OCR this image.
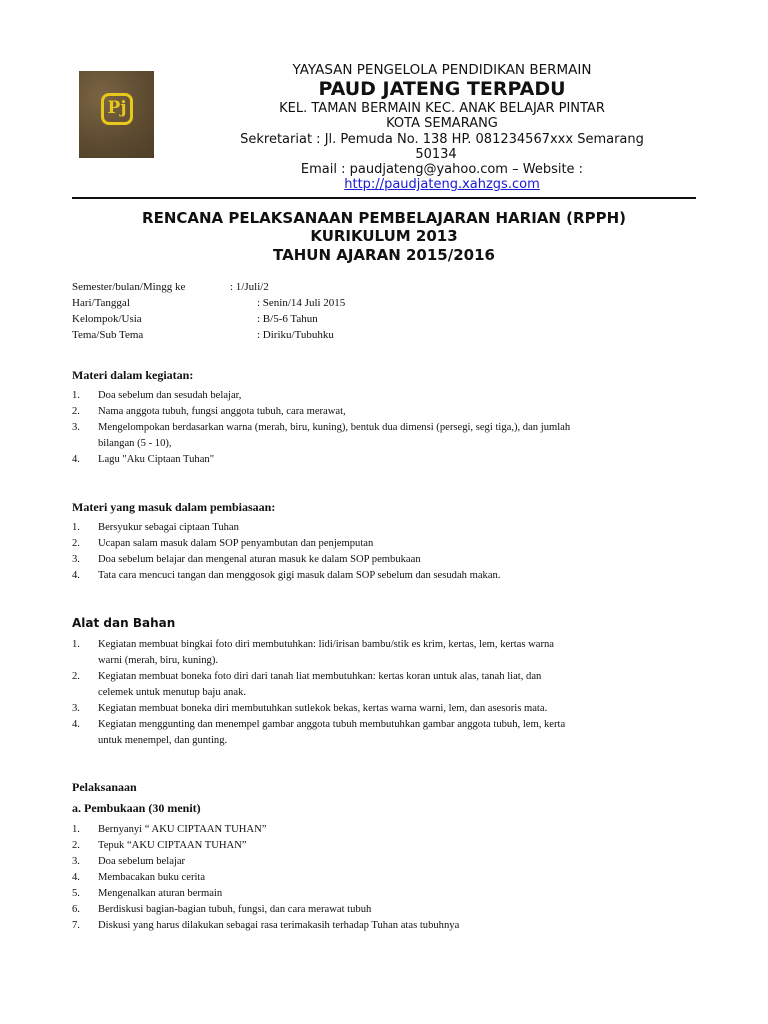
Pj
· · · ·
YAYASAN PENGELOLA PENDIDIKAN BERMAIN
PAUD JATENG TERPADU
KEL. TAMAN BERMAIN KEC. ANAK BELAJAR PINTAR
KOTA SEMARANG
Sekretariat : Jl. Pemuda No. 138 HP. 081234567xxx Semarang
50134
Email : paudjateng@yahoo.com – Website :
http://paudjateng.xahzgs.com
RENCANA PELAKSANAAN PEMBELAJARAN HARIAN (RPPH)
KURIKULUM 2013
TAHUN AJARAN 2015/2016
Semester/bulan/Mingg ke	: 1/Juli/2
Hari/Tanggal	: Senin/14 Juli 2015
Kelompok/Usia	: B/5-6 Tahun
Tema/Sub Tema	: Diriku/Tubuhku
Materi dalam kegiatan:
1. Doa sebelum dan sesudah belajar,
2. Nama anggota tubuh, fungsi anggota tubuh, cara merawat,
3. Mengelompokan berdasarkan warna (merah, biru, kuning), bentuk dua dimensi (persegi, segi tiga,), dan jumlah
bilangan (5 - 10),
4. Lagu "Aku Ciptaan Tuhan"
Materi yang masuk dalam pembiasaan:
1. Bersyukur sebagai ciptaan Tuhan
2. Ucapan salam masuk dalam SOP penyambutan dan penjemputan
3. Doa sebelum belajar dan mengenal aturan masuk ke dalam SOP pembukaan
4. Tata cara mencuci tangan dan menggosok gigi masuk dalam SOP sebelum dan sesudah makan.
Alat dan Bahan
1. Kegiatan membuat bingkai foto diri membutuhkan: lidi/irisan bambu/stik es krim, kertas, lem, kertas warna
warni (merah, biru, kuning).
2. Kegiatan membuat boneka foto diri dari tanah liat membutuhkan: kertas koran untuk alas, tanah liat, dan
celemek untuk menutup baju anak.
3. Kegiatan membuat boneka diri membutuhkan sutlekok bekas, kertas warna warni, lem, dan asesoris mata.
4. Kegiatan menggunting dan menempel gambar anggota tubuh membutuhkan gambar anggota tubuh, lem, kerta
untuk menempel, dan gunting.
Pelaksanaan
a. Pembukaan (30 menit)
1. Bernyanyi “ AKU CIPTAAN TUHAN”
2. Tepuk “AKU CIPTAAN TUHAN”
3. Doa sebelum belajar
4. Membacakan buku cerita
5. Mengenalkan aturan bermain
6. Berdiskusi bagian-bagian tubuh, fungsi, dan cara merawat tubuh
7. Diskusi yang harus dilakukan sebagai rasa terimakasih terhadap Tuhan atas tubuhnya
